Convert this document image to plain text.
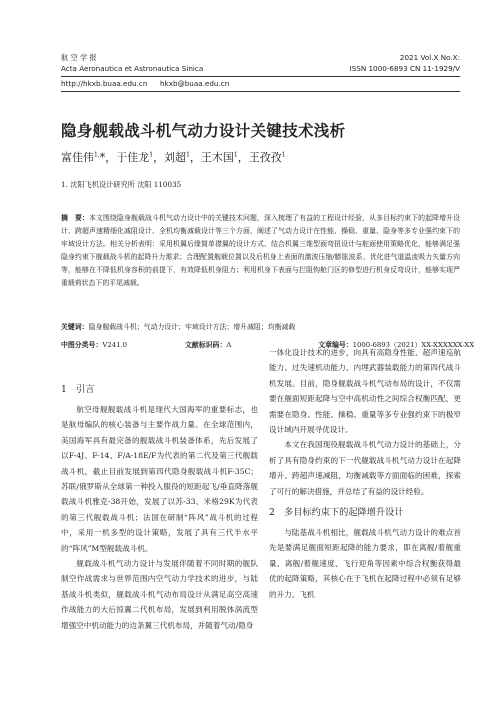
航 空 学 报
Acta Aeronautica et Astronautica Sinica
2021 Vol.X No.X:
ISSN 1000-6893 CN 11-1929/V
http://hkxb.buaa.edu.cn hkxb@buaa.edu.cn
隐身舰载战斗机气动力设计关键技术浅析
富佳伟$^{1,}$*，于佳龙$^1$，刘超$^1$，王木国$^1$，王孜孜$^1$
1. 沈阳飞机设计研究所 沈阳 110035
摘　要：本文围绕隐身舰载战斗机气动力设计中的关键技术问题，深入梳理了有益的工程设计经验，从多目标约束下的起降增升设计、跨超声速精细化减阻设计、全机均衡减载设计等三个方面，阐述了气动力设计在性能、操稳、重量、隐身等多专业强约束下的牢域设计方法。相关分析表明：采用机翼后缘简单襟翼的设计方式、结合机翼三维型面弯扭设计与舵面使用策略优化，能够满足强隐身约束下舰载战斗机的起降升力需求；合理配置舰载位置以及后机身上表面的激波压缩/膨胀波系、优化进气道温流吸力矢量方向等，能够在不降低机身容积的前提下，有效降低机身阻力；利用机身下表面与拦阻钩舱门区的修型进行机身反弯设计，能够实现严重载荷状态下的平尾减载。
关键词：隐身舰载战斗机；气动力设计；牢域设计方法；增升减阻；均衡减载
中图分类号：V241.0	文献标识码：A	文章编号：1000-6893（2021）XX-XXXXXX-XX
1　引言

航空母舰舰载战斗机是现代大国海军的重要标志，也是航母编队的核心装备与主要作战力量。在全球范围内，美国海军具有最完备的舰载战斗机装备体系，先后发展了以F-4J、F-14、F/A-18E/F为代表的第二代及第三代舰载战斗机，截止目前发展到第四代隐身舰载战斗机F-35C；苏联/俄罗斯从全球第一种投入服役的短距起飞/垂直降落舰载战斗机雅克-38开始，发展了以苏-33、米格29K为代表的第三代舰载战斗机；法国在研制“阵风”战斗机的过程中，采用一机多型的设计策略，发展了具有三代半水平的“阵风”M型舰载战斗机。

舰载战斗机气动力设计与发展伴随着不同时期的舰队制空作战需求与世界范围内空气动力学技术的进步，与陆基战斗机类似，舰载战斗机气动布局设计从满足高空高速作战能力的大后掠翼二代机布局，发展到利用脱体涡流型增强空中机动能力的边条翼三代机布局，并随着气动/隐身

一体化设计技术的进步，向具有高隐身性能、超声速巡航能力、过失速机动能力、内埋武器装载能力的第四代战斗机发展。目前，隐身舰载战斗机气动布局的设计，不仅需要在舰面短距起降与空中高机动性之间综合权衡匹配，更需要在隐身、性能、操稳、重量等多专业强约束下的极窄设计域内开展寻优设计。

本文在我国现役舰载战斗机气动力设计的基础上，分析了具有隐身约束的下一代舰载战斗机气动力设计在起降增升、跨超声速减阻、均衡减载等方面面临的困难，探索了可行的解决措施，并总结了有益的设计经验。

2　多目标约束下的起降增升设计

与陆基战斗机相比，舰载战斗机气动力设计的难点首先是要满足舰面短距起降的能力要求，即在离舰/着舰重量、离舰/着舰速度、飞行迎角等因素中综合权衡获得最优的起降策略，其核心在于飞机在起降过程中必须有足够的升力。飞机
